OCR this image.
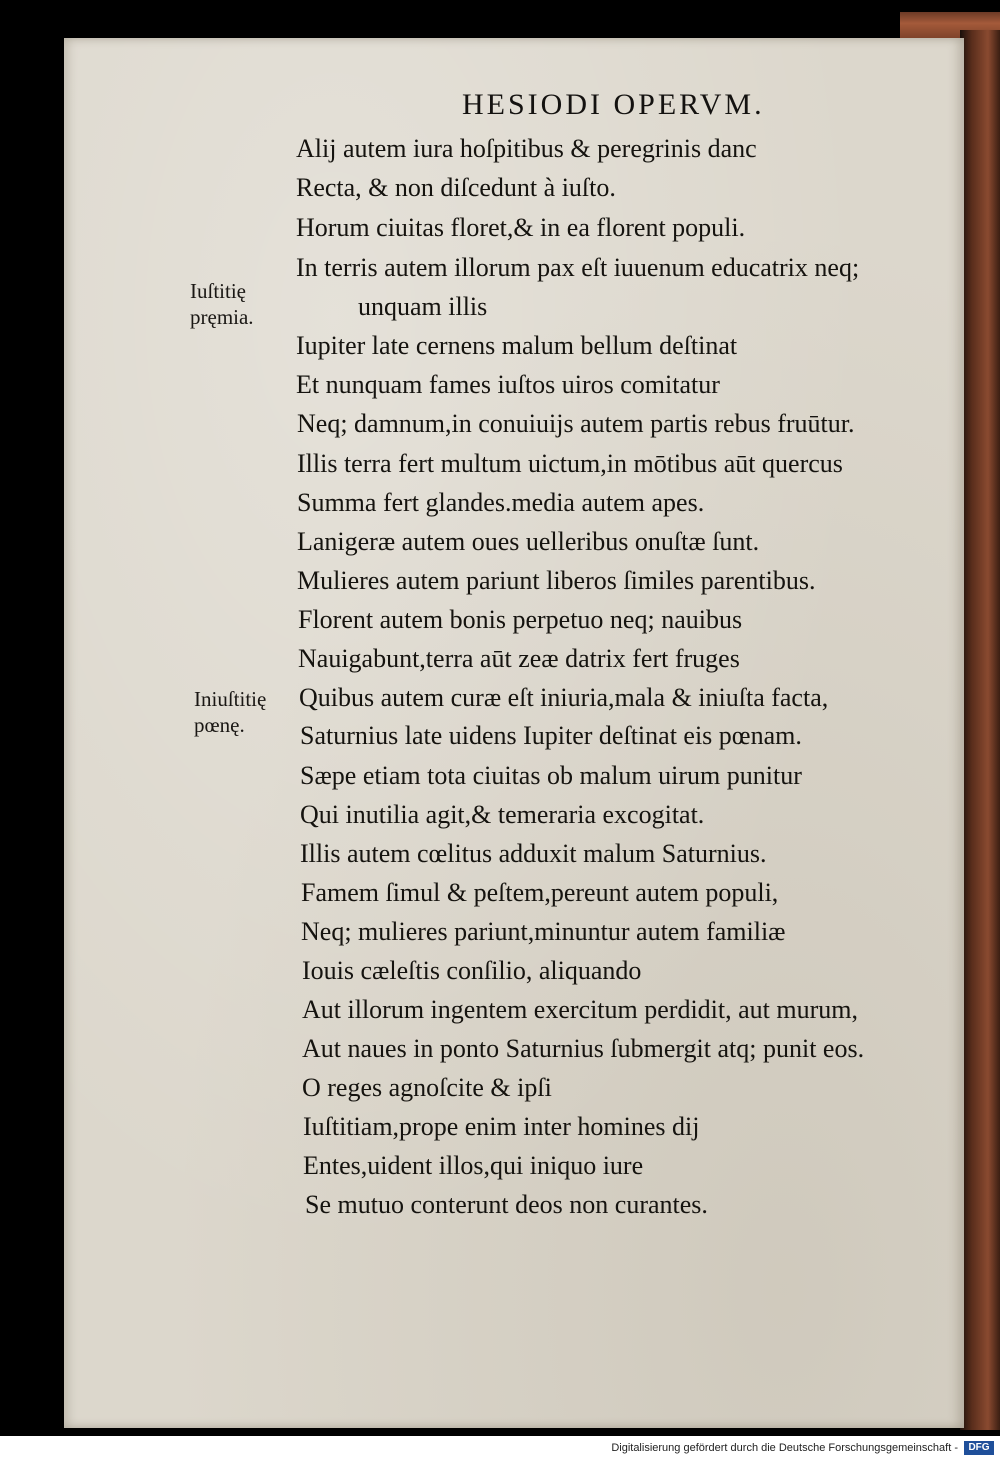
HESIODI OPERVM.
Alij autem iura hoſpitibus & peregrinis danc
Recta, & non diſcedunt à iuſto.
Horum ciuitas floret,& in ea florent populi.
In terris autem illorum pax eſt iuuenum educatrix neq;
unquam illis
Iupiter late cernens malum bellum deſtinat
Et nunquam fames iuſtos uiros comitatur
Neq; damnum,in conuiuijs autem partis rebus fruūtur.
Illis terra fert multum uictum,in mōtibus aūt quercus
Summa fert glandes.media autem apes.
Lanigeræ autem oues uelleribus onuſtæ ſunt.
Mulieres autem pariunt liberos ſimiles parentibus.
Florent autem bonis perpetuo neq; nauibus
Nauigabunt,terra aūt zeæ datrix fert fruges
Quibus autem curæ eſt iniuria,mala & iniuſta facta,
Saturnius late uidens Iupiter deſtinat eis pœnam.
Sæpe etiam tota ciuitas ob malum uirum punitur
Qui inutilia agit,& temeraria excogitat.
Illis autem cœlitus adduxit malum Saturnius.
Famem ſimul & peſtem,pereunt autem populi,
Neq; mulieres pariunt,minuntur autem familiæ
Iouis cæleſtis conſilio, aliquando
Aut illorum ingentem exercitum perdidit, aut murum,
Aut naues in ponto Saturnius ſubmergit atq; punit eos.
O reges agnoſcite & ipſi
Iuſtitiam,prope enim inter homines dij
Entes,uident illos,qui iniquo iure
Se mutuo conterunt deos non curantes.
Iuſtitię
pręmia.
Iniuſtitię
pœnę.
Digitalisierung gefördert durch die Deutsche Forschungsgemeinschaft -	DFG
